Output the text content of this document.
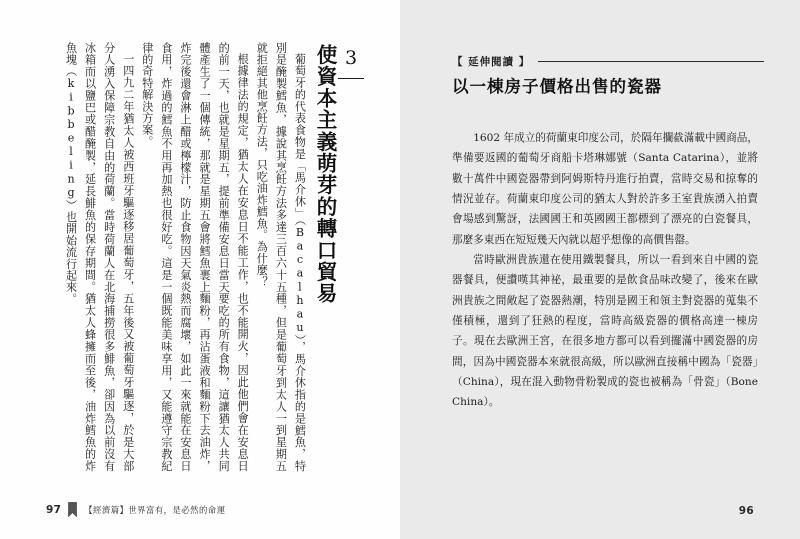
3
使資本主義萌芽的轉口貿易

葡萄牙的代表食物是「馬介休」（Bacalhau），馬介休指的是鱈魚，特別是醃製鱈魚，據說其烹飪方法多達三百六十五種，但是葡萄牙到太人一到星期五就拒絕其他烹飪方法，只吃油炸鱈魚。為什麼？

根據律法的規定，猶太人在安息日不能工作，也不能開火，因此他們會在安息日的前一天，也就是星期五，提前準備安息日當天要吃的所有食物，這讓猶太人共同體產生了一個傳統，那就是星期五會將鱈魚裹上麵粉，再沾蛋液和麵粉下去油炸，炸完後還會淋上醋或檸檬汁，防止食物因天氣炎熱而腐壞，如此一來就能在安息日食用，炸過的鱈魚不用再加熱也很好吃。這是一個既能美味享用，又能遵守宗教紀律的奇特解決方案。

一四九二年猶太人被西班牙驅逐移居葡萄牙，五年後又被葡萄牙驅逐，於是大部分人湧入保障宗教自由的荷蘭。當時荷蘭人在北海捕撈很多鯡魚，卻因為以前沒有冰箱而以鹽巴或醋醃製，延長鯡魚的保存期間。猶太人蜂擁而至後，油炸鱈魚的炸魚塊（kibbeling）也開始流行起來。

97	【經濟篇】世界富有，是必然的命運
【 延伸閱讀 】
以一棟房子價格出售的瓷器

1602 年成立的荷蘭東印度公司，於隔年攔截滿載中國商品，準備要返國的葡萄牙商船卡塔琳娜號（Santa Catarina），並將數十萬件中國瓷器帶到阿姆斯特丹進行拍賣，當時交易和掠奪的情況並存。荷蘭東印度公司的猶太人對於許多王室貴族湧入拍賣會場感到驚訝，法國國王和英國國王都標到了漂亮的白瓷餐具，那麼多東西在短短幾天內就以超乎想像的高價售罄。

當時歐洲貴族還在使用鐵製餐具，所以一看到來自中國的瓷器餐具，便讚嘆其神祕，最重要的是飲食品味改變了，後來在歐洲貴族之間敞起了瓷器熱潮，特別是國王和領主對瓷器的蒐集不僅積極，還到了狂熱的程度，當時高級瓷器的價格高達一棟房子。現在去歐洲王宮，在很多地方都可以看到擺滿中國瓷器的房間，因為中國瓷器本來就很高級，所以歐洲直接稱中國為「瓷器」（China），現在混入動物骨粉製成的瓷也被稱為「骨瓷」（Bone China）。

96
